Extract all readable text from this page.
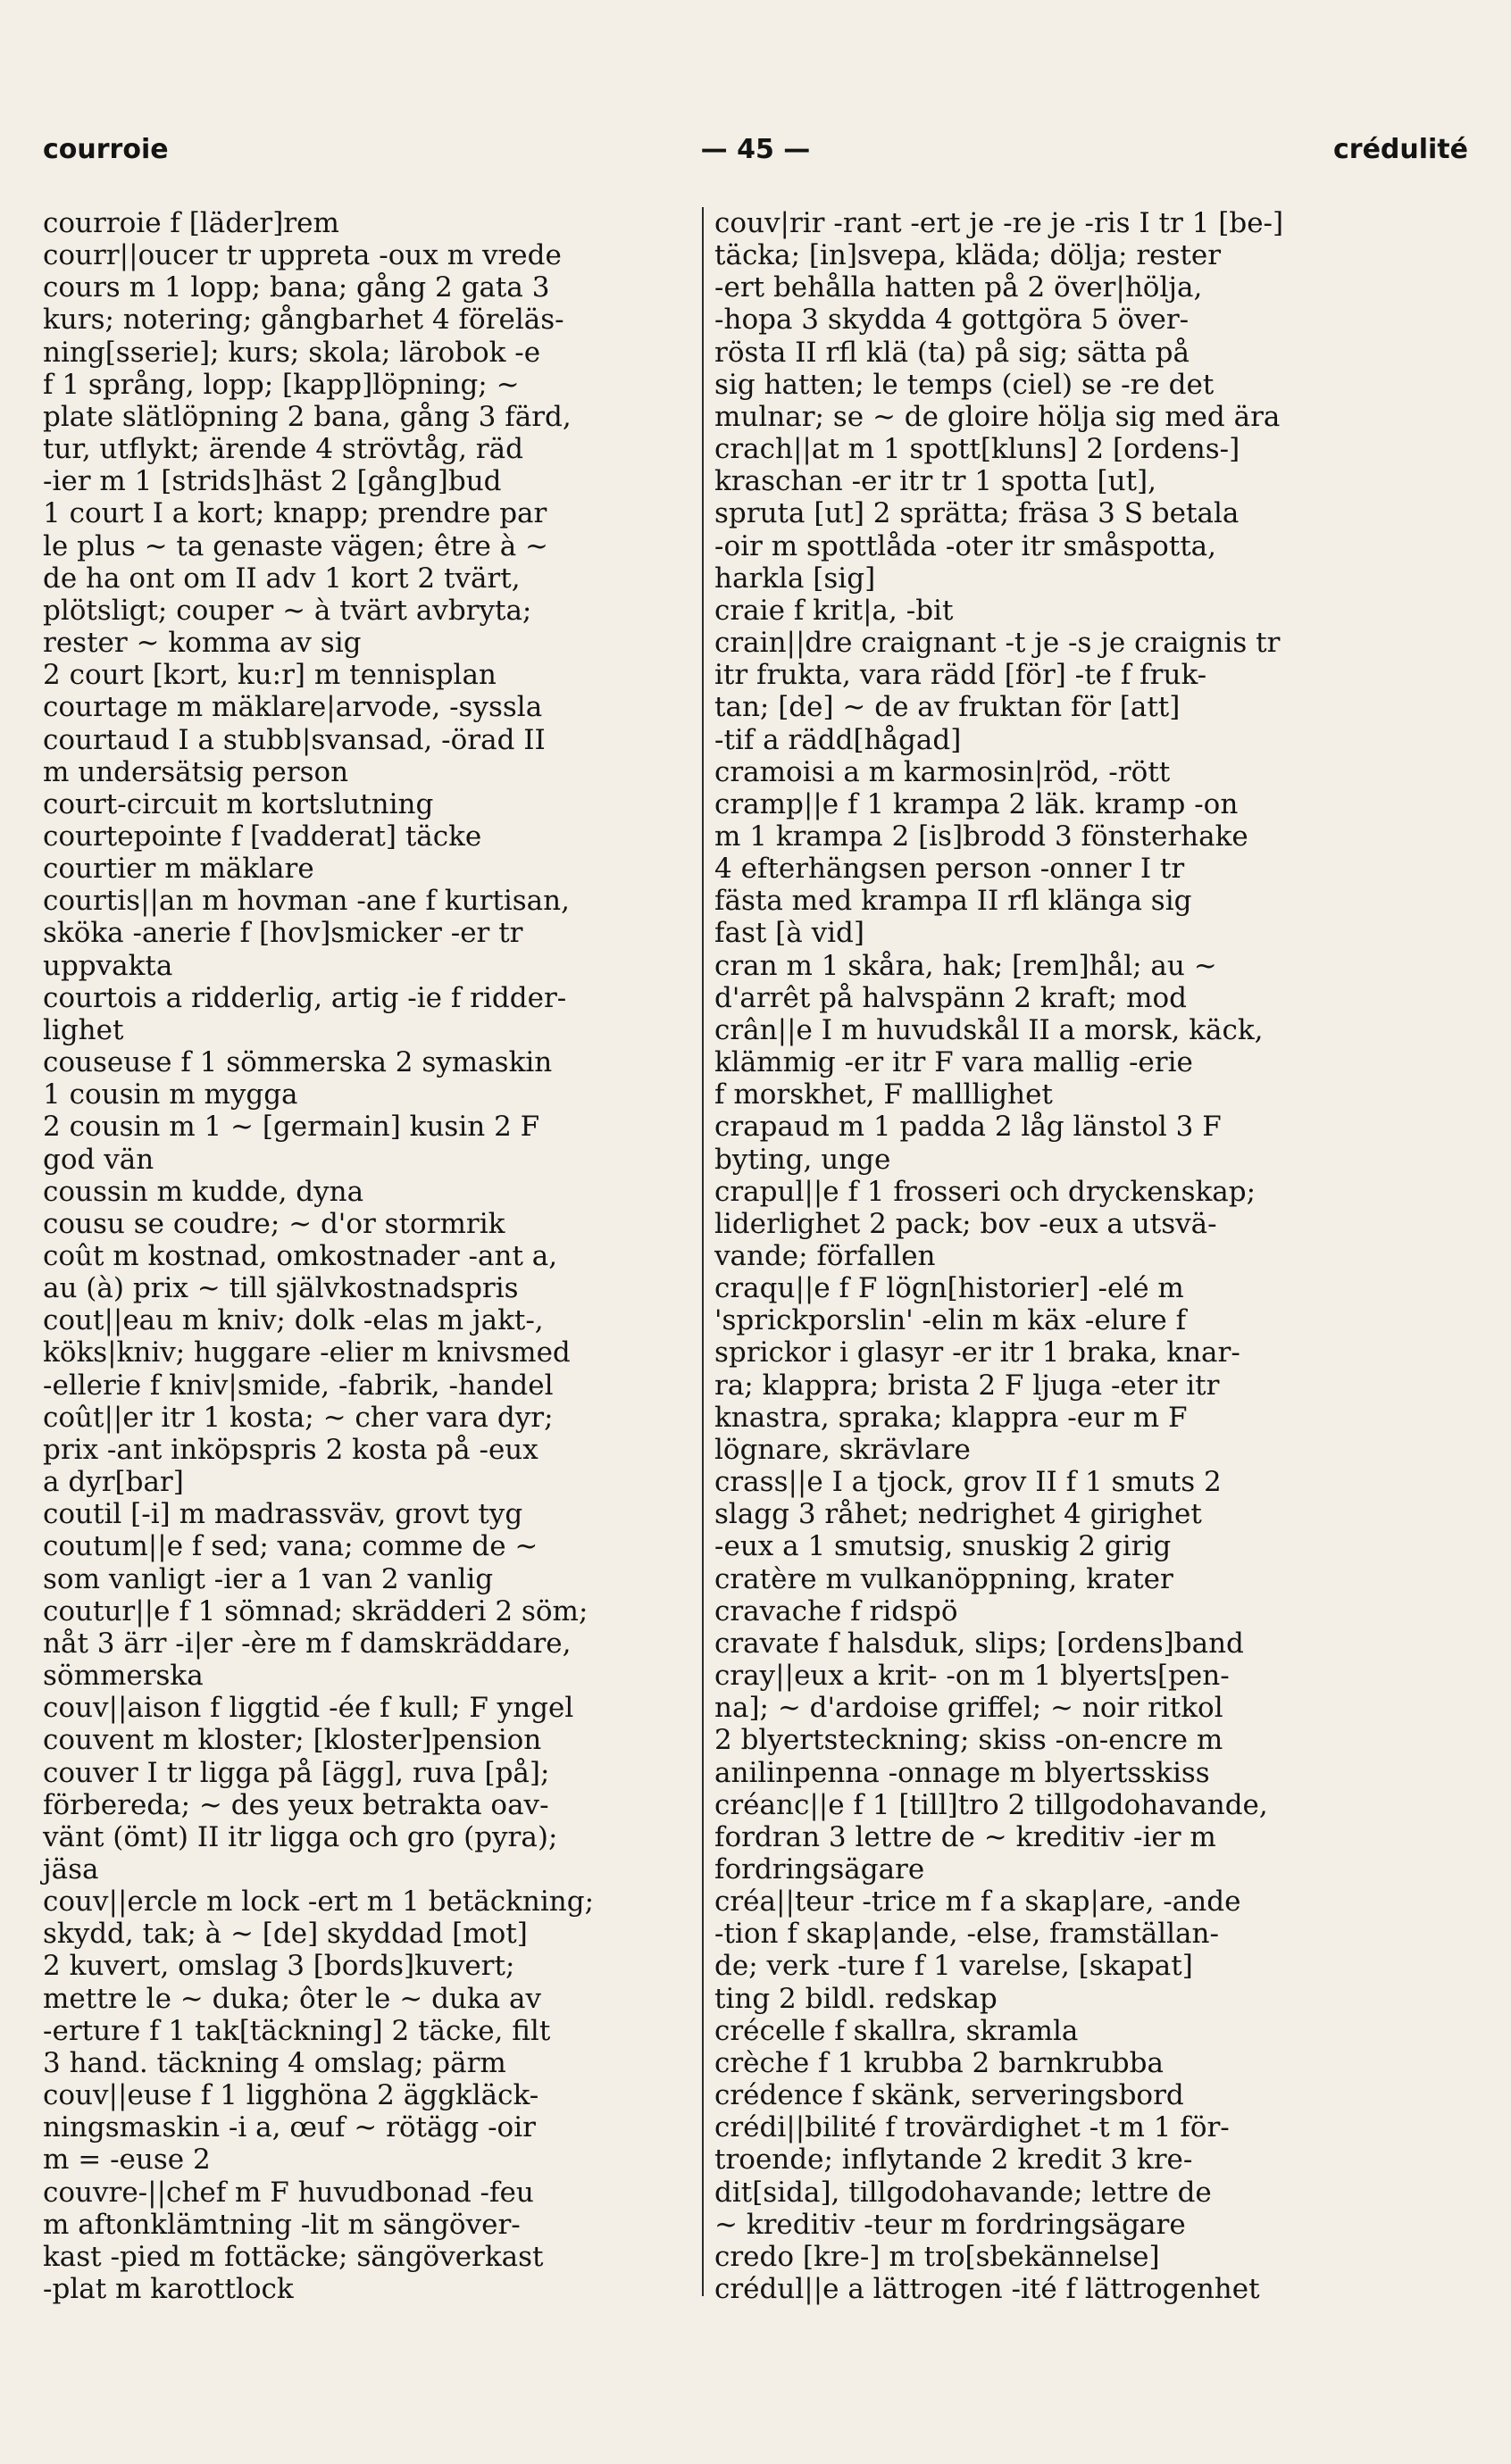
courroie	— 45 —	crédulité
courroie f [läder]rem
courr||oucer tr uppreta -oux m vrede
cours m 1 lopp; bana; gång 2 gata 3
kurs; notering; gångbarhet 4 föreläs-
ning[sserie]; kurs; skola; lärobok -e
f 1 språng, lopp; [kapp]löpning; ~
plate slätlöpning 2 bana, gång 3 färd,
tur, utflykt; ärende 4 strövtåg, räd
-ier m 1 [strids]häst 2 [gång]bud
1 court I a kort; knapp; prendre par
le plus ~ ta genaste vägen; être à ~
de ha ont om II adv 1 kort 2 tvärt,
plötsligt; couper ~ à tvärt avbryta;
rester ~ komma av sig
2 court [kɔrt, ku:r] m tennisplan
courtage m mäklare|arvode, -syssla
courtaud I a stubb|svansad, -örad II
m undersätsig person
court-circuit m kortslutning
courtepointe f [vadderat] täcke
courtier m mäklare
courtis||an m hovman -ane f kurtisan,
sköka -anerie f [hov]smicker -er tr
uppvakta
courtois a ridderlig, artig -ie f ridder-
lighet
couseuse f 1 sömmerska 2 symaskin
1 cousin m mygga
2 cousin m 1 ~ [germain] kusin 2 F
god vän
coussin m kudde, dyna
cousu se coudre; ~ d'or stormrik
coût m kostnad, omkostnader -ant a,
au (à) prix ~ till självkostnadspris
cout||eau m kniv; dolk -elas m jakt-,
köks|kniv; huggare -elier m knivsmed
-ellerie f kniv|smide, -fabrik, -handel
coût||er itr 1 kosta; ~ cher vara dyr;
prix -ant inköpspris 2 kosta på -eux
a dyr[bar]
coutil [-i] m madrassväv, grovt tyg
coutum||e f sed; vana; comme de ~
som vanligt -ier a 1 van 2 vanlig
coutur||e f 1 sömnad; skrädderi 2 söm;
nåt 3 ärr -i|er -ère m f damskräddare,
sömmerska
couv||aison f liggtid -ée f kull; F yngel
couvent m kloster; [kloster]pension
couver I tr ligga på [ägg], ruva [på];
förbereda; ~ des yeux betrakta oav-
vänt (ömt) II itr ligga och gro (pyra);
jäsa
couv||ercle m lock -ert m 1 betäckning;
skydd, tak; à ~ [de] skyddad [mot]
2 kuvert, omslag 3 [bords]kuvert;
mettre le ~ duka; ôter le ~ duka av
-erture f 1 tak[täckning] 2 täcke, filt
3 hand. täckning 4 omslag; pärm
couv||euse f 1 ligghöna 2 äggkläck-
ningsmaskin -i a, œuf ~ rötägg -oir
m = -euse 2
couvre-||chef m F huvudbonad -feu
m aftonklämtning -lit m sängöver-
kast -pied m fottäcke; sängöverkast
-plat m karottlock
couv|rir -rant -ert je -re je -ris I tr 1 [be-]
täcka; [in]svepa, kläda; dölja; rester
-ert behålla hatten på 2 över|hölja,
-hopa 3 skydda 4 gottgöra 5 över-
rösta II rfl klä (ta) på sig; sätta på
sig hatten; le temps (ciel) se -re det
mulnar; se ~ de gloire hölja sig med ära
crach||at m 1 spott[kluns] 2 [ordens-]
kraschan -er itr tr 1 spotta [ut],
spruta [ut] 2 sprätta; fräsa 3 S betala
-oir m spottlåda -oter itr småspotta,
harkla [sig]
craie f krit|a, -bit
crain||dre craignant -t je -s je craignis tr
itr frukta, vara rädd [för] -te f fruk-
tan; [de] ~ de av fruktan för [att]
-tif a rädd[hågad]
cramoisi a m karmosin|röd, -rött
cramp||e f 1 krampa 2 läk. kramp -on
m 1 krampa 2 [is]brodd 3 fönsterhake
4 efterhängsen person -onner I tr
fästa med krampa II rfl klänga sig
fast [à vid]
cran m 1 skåra, hak; [rem]hål; au ~
d'arrêt på halvspänn 2 kraft; mod
crân||e I m huvudskål II a morsk, käck,
klämmig -er itr F vara mallig -erie
f morskhet, F malllighet
crapaud m 1 padda 2 låg länstol 3 F
byting, unge
crapul||e f 1 frosseri och dryckenskap;
liderlighet 2 pack; bov -eux a utsvä-
vande; förfallen
craqu||e f F lögn[historier] -elé m
'sprickporslin' -elin m käx -elure f
sprickor i glasyr -er itr 1 braka, knar-
ra; klappra; brista 2 F ljuga -eter itr
knastra, spraka; klappra -eur m F
lögnare, skrävlare
crass||e I a tjock, grov II f 1 smuts 2
slagg 3 råhet; nedrighet 4 girighet
-eux a 1 smutsig, snuskig 2 girig
cratère m vulkanöppning, krater
cravache f ridspö
cravate f halsduk, slips; [ordens]band
cray||eux a krit- -on m 1 blyerts[pen-
na]; ~ d'ardoise griffel; ~ noir ritkol
2 blyertsteckning; skiss -on-encre m
anilinpenna -onnage m blyertsskiss
créanc||e f 1 [till]tro 2 tillgodohavande,
fordran 3 lettre de ~ kreditiv -ier m
fordringsägare
créa||teur -trice m f a skap|are, -ande
-tion f skap|ande, -else, framställan-
de; verk -ture f 1 varelse, [skapat]
ting 2 bildl. redskap
crécelle f skallra, skramla
crèche f 1 krubba 2 barnkrubba
crédence f skänk, serveringsbord
crédi||bilité f trovärdighet -t m 1 för-
troende; inflytande 2 kredit 3 kre-
dit[sida], tillgodohavande; lettre de
~ kreditiv -teur m fordringsägare
credo [kre-] m tro[sbekännelse]
crédul||e a lättrogen -ité f lättrogenhet
